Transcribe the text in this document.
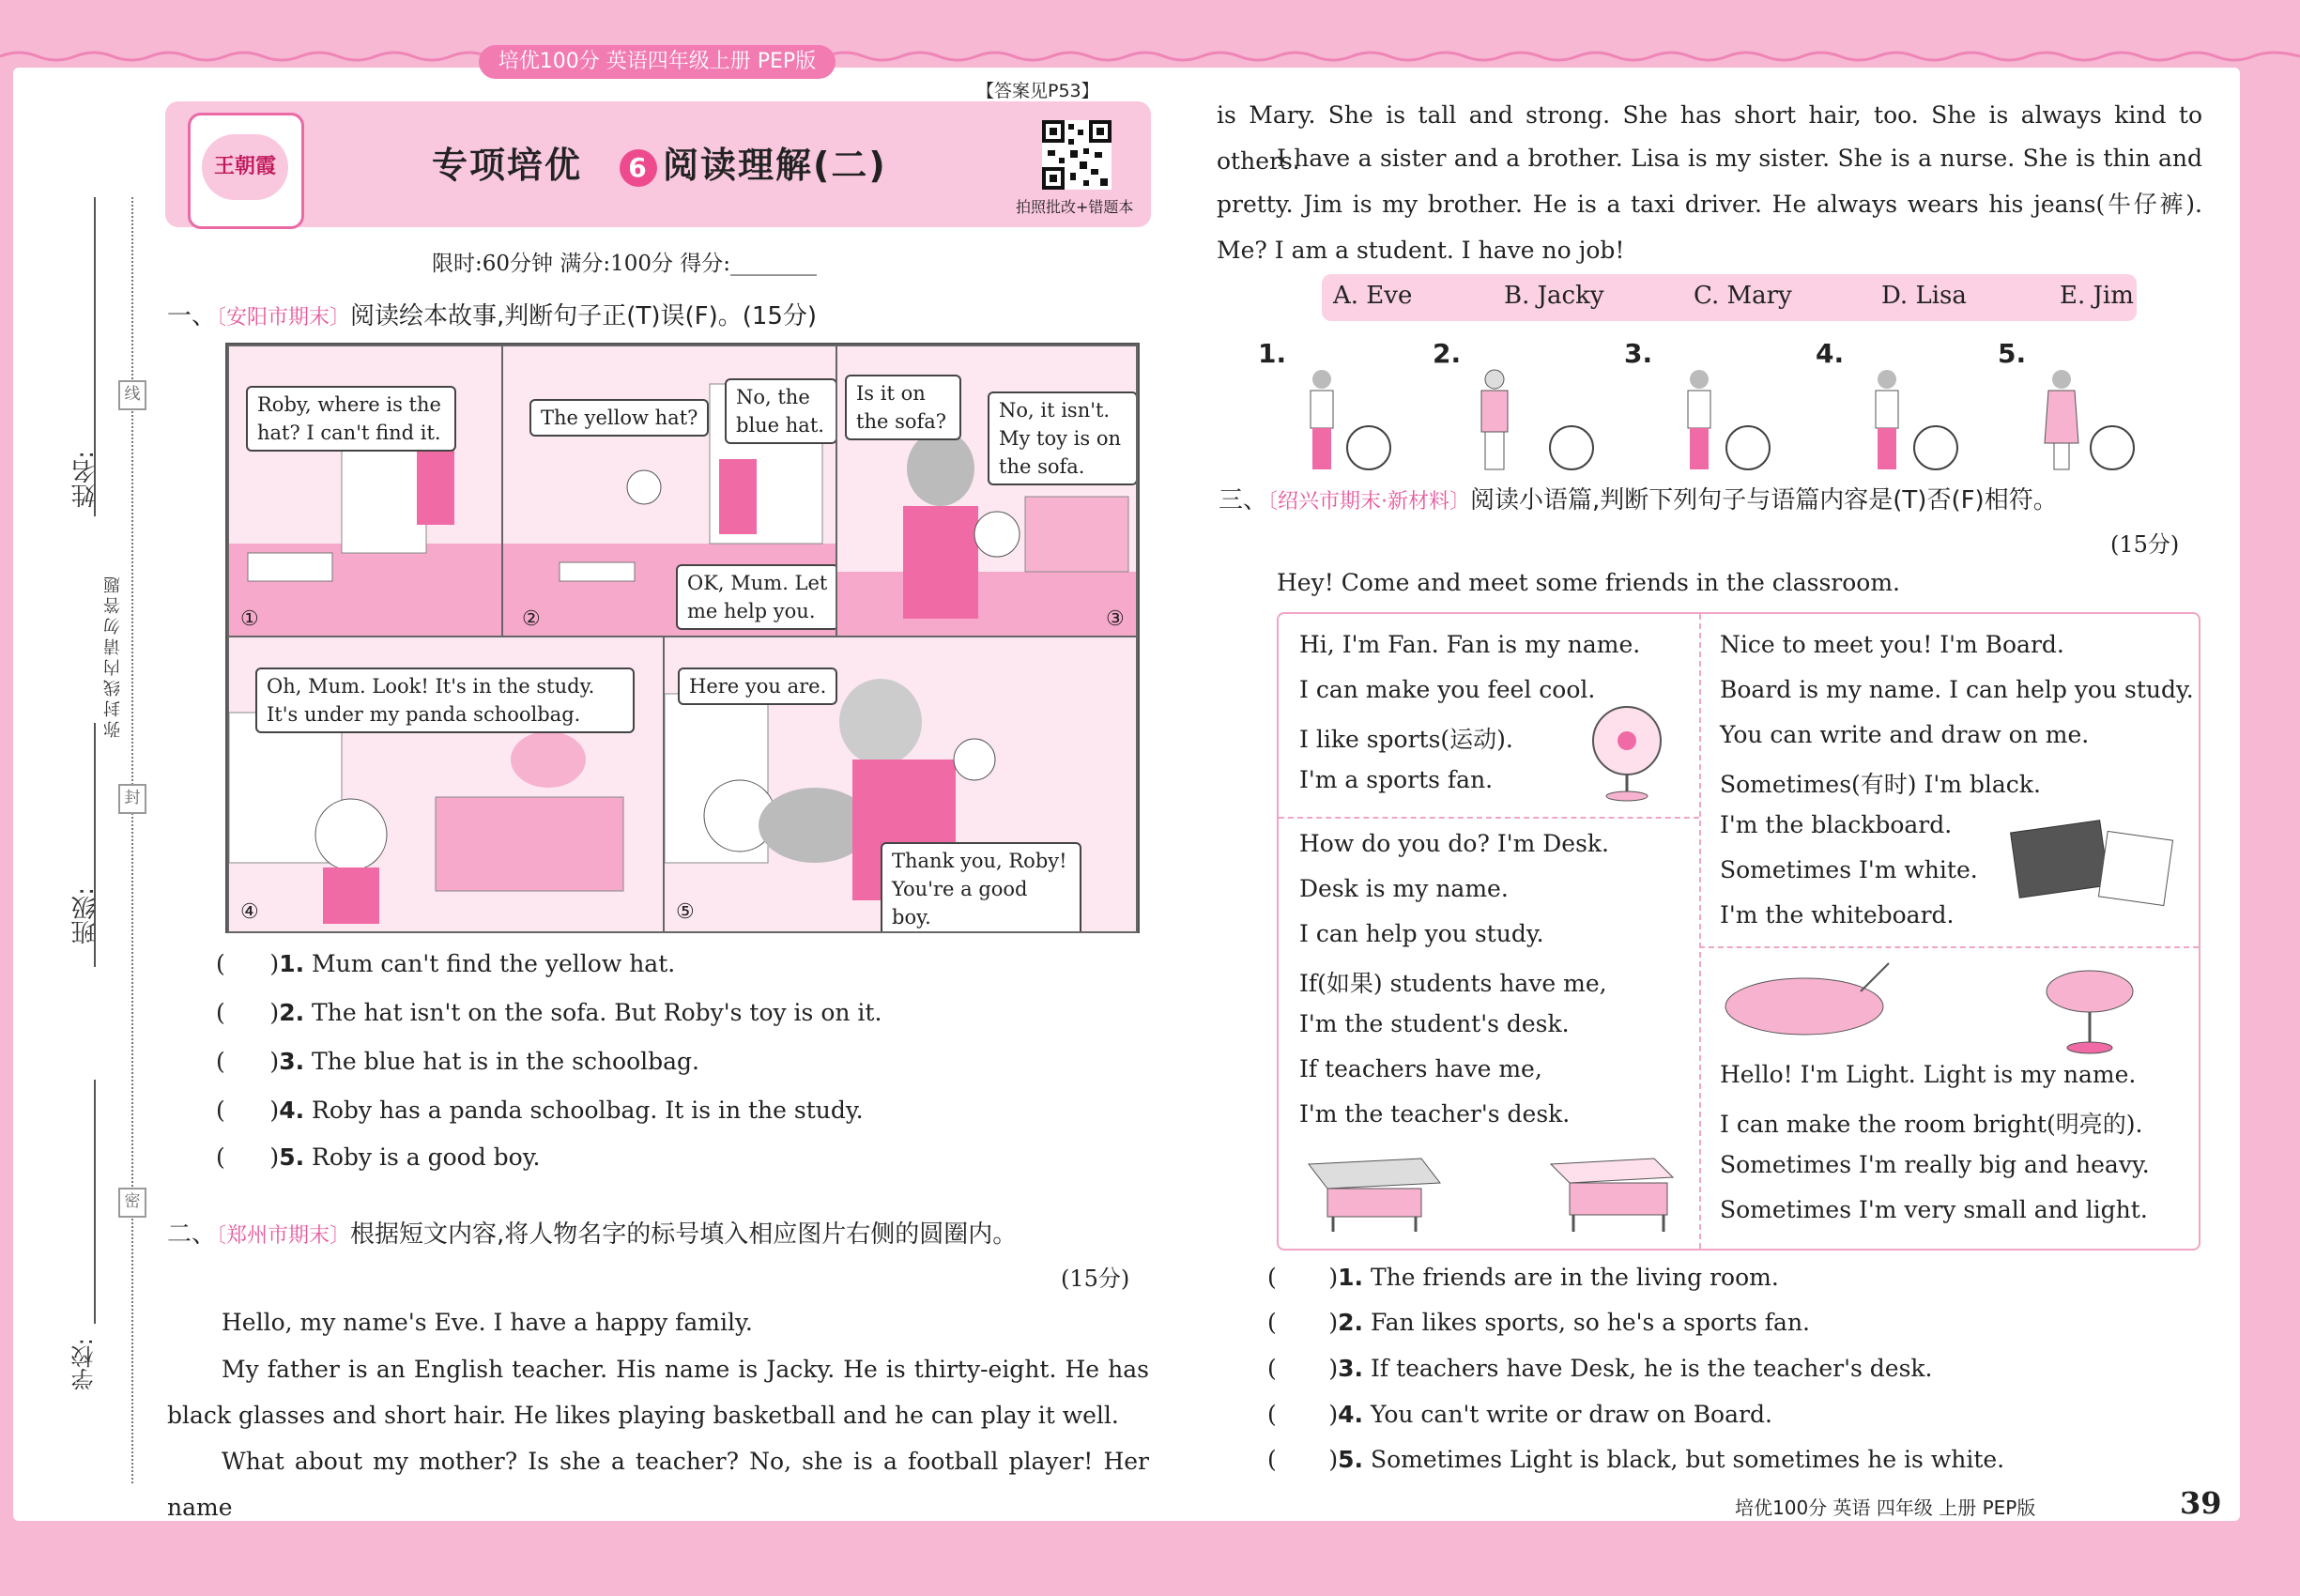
培优100分 英语四年级上册 PEP版
姓名:
班级:
学校:
弥封线内请勿答题
线
封
密
王朝霞	专项培优 6 阅读理解(二)
【答案见P53】
拍照批改+错题本
限时:60分钟 满分:100分 得分:________
一、〔安阳市期末〕阅读绘本故事,判断句子正(T)误(F)。(15分)
Roby, where is the hat? I can't find it.
①
The yellow hat?
No, the blue hat.
OK, Mum. Let me help you.
②
Is it on the sofa?	No, it isn't. My toy is on the sofa.
③
Oh, Mum. Look! It's in the study. It's under my panda schoolbag.
④
Here you are.
Thank you, Roby! You're a good boy.
⑤
(      )1. Mum can't find the yellow hat.
(      )2. The hat isn't on the sofa. But Roby's toy is on it.
(      )3. The blue hat is in the schoolbag.
(      )4. Roby has a panda schoolbag. It is in the study.
(      )5. Roby is a good boy.
二、〔郑州市期末〕根据短文内容,将人物名字的标号填入相应图片右侧的圆圈内。
(15分)
Hello, my name's Eve. I have a happy family.
My father is an English teacher. His name is Jacky. He is thirty-eight. He has black glasses and short hair. He likes playing basketball and he can play it well.
What about my mother? Is she a teacher? No, she is a football player! Her name
is Mary. She is tall and strong. She has short hair, too. She is always kind to others.
I have a sister and a brother. Lisa is my sister. She is a nurse. She is thin and pretty. Jim is my brother. He is a taxi driver. He always wears his jeans(牛仔裤). Me? I am a student. I have no job!
A. Eve	B. Jacky	C. Mary	D. Lisa	E. Jim
1.	2.	3.	4.	5.
三、〔绍兴市期末·新材料〕阅读小语篇,判断下列句子与语篇内容是(T)否(F)相符。
(15分)
Hey! Come and meet some friends in the classroom.
Hi, I'm Fan. Fan is my name.
I can make you feel cool.
I like sports(运动).
I'm a sports fan.
Nice to meet you! I'm Board.
Board is my name. I can help you study.
You can write and draw on me.
Sometimes(有时) I'm black.
I'm the blackboard.
Sometimes I'm white.
I'm the whiteboard.
How do you do? I'm Desk.
Desk is my name.
I can help you study.
If(如果) students have me,
I'm the student's desk.
If teachers have me,
I'm the teacher's desk.
Hello! I'm Light. Light is my name.
I can make the room bright(明亮的).
Sometimes I'm really big and heavy.
Sometimes I'm very small and light.
(       )1. The friends are in the living room.
(       )2. Fan likes sports, so he's a sports fan.
(       )3. If teachers have Desk, he is the teacher's desk.
(       )4. You can't write or draw on Board.
(       )5. Sometimes Light is black, but sometimes he is white.
培优100分 英语 四年级 上册 PEP版	39
